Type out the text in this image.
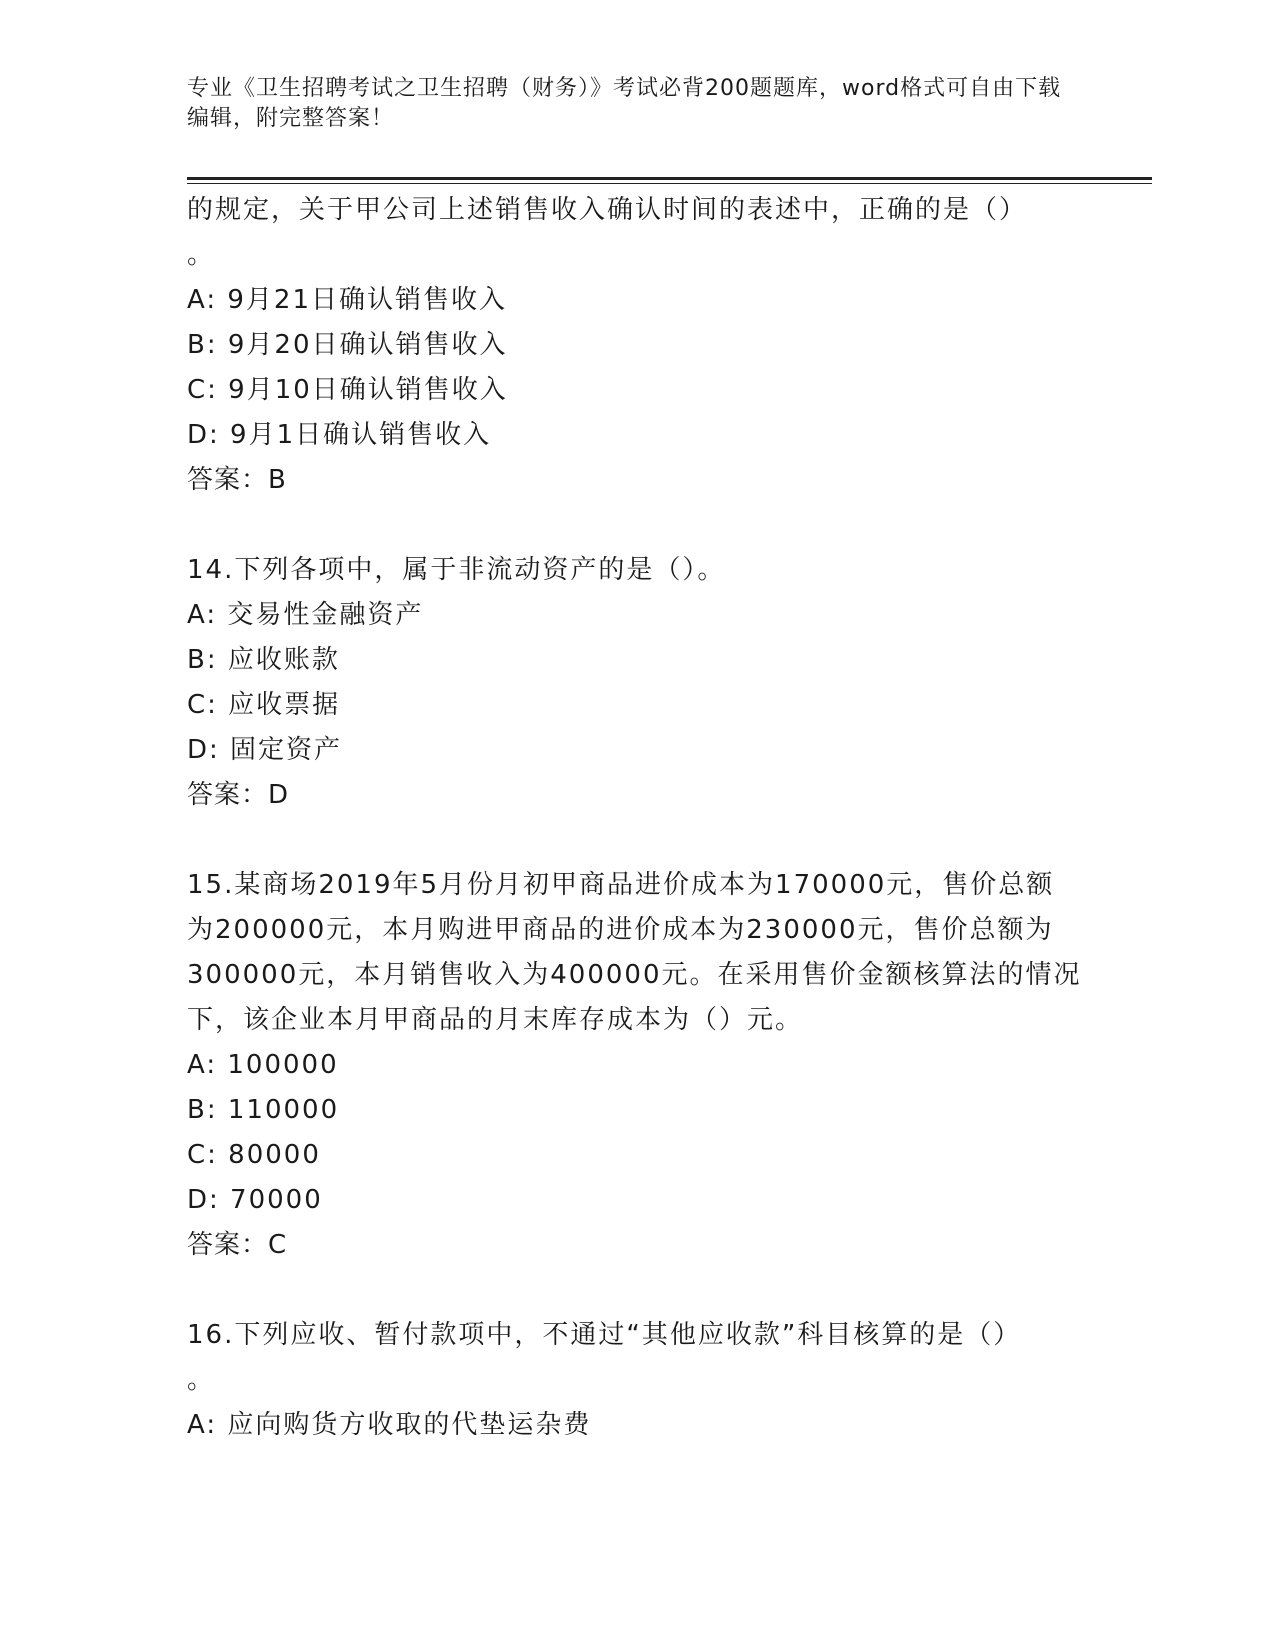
专业《卫生招聘考试之卫生招聘（财务）》考试必背200题题库，word格式可自由下载编辑，附完整答案！
的规定，关于甲公司上述销售收入确认时间的表述中，正确的是（）
。
A: 9月21日确认销售收入
B: 9月20日确认销售收入
C: 9月10日确认销售收入
D: 9月1日确认销售收入
答案：B
14.下列各项中，属于非流动资产的是（）。
A: 交易性金融资产
B: 应收账款
C: 应收票据
D: 固定资产
答案：D
15.某商场2019年5月份月初甲商品进价成本为170000元，售价总额
为200000元，本月购进甲商品的进价成本为230000元，售价总额为
300000元，本月销售收入为400000元。在采用售价金额核算法的情况
下，该企业本月甲商品的月末库存成本为（）元。
A: 100000
B: 110000
C: 80000
D: 70000
答案：C
16.下列应收、暂付款项中，不通过“其他应收款”科目核算的是（）
。
A: 应向购货方收取的代垫运杂费
